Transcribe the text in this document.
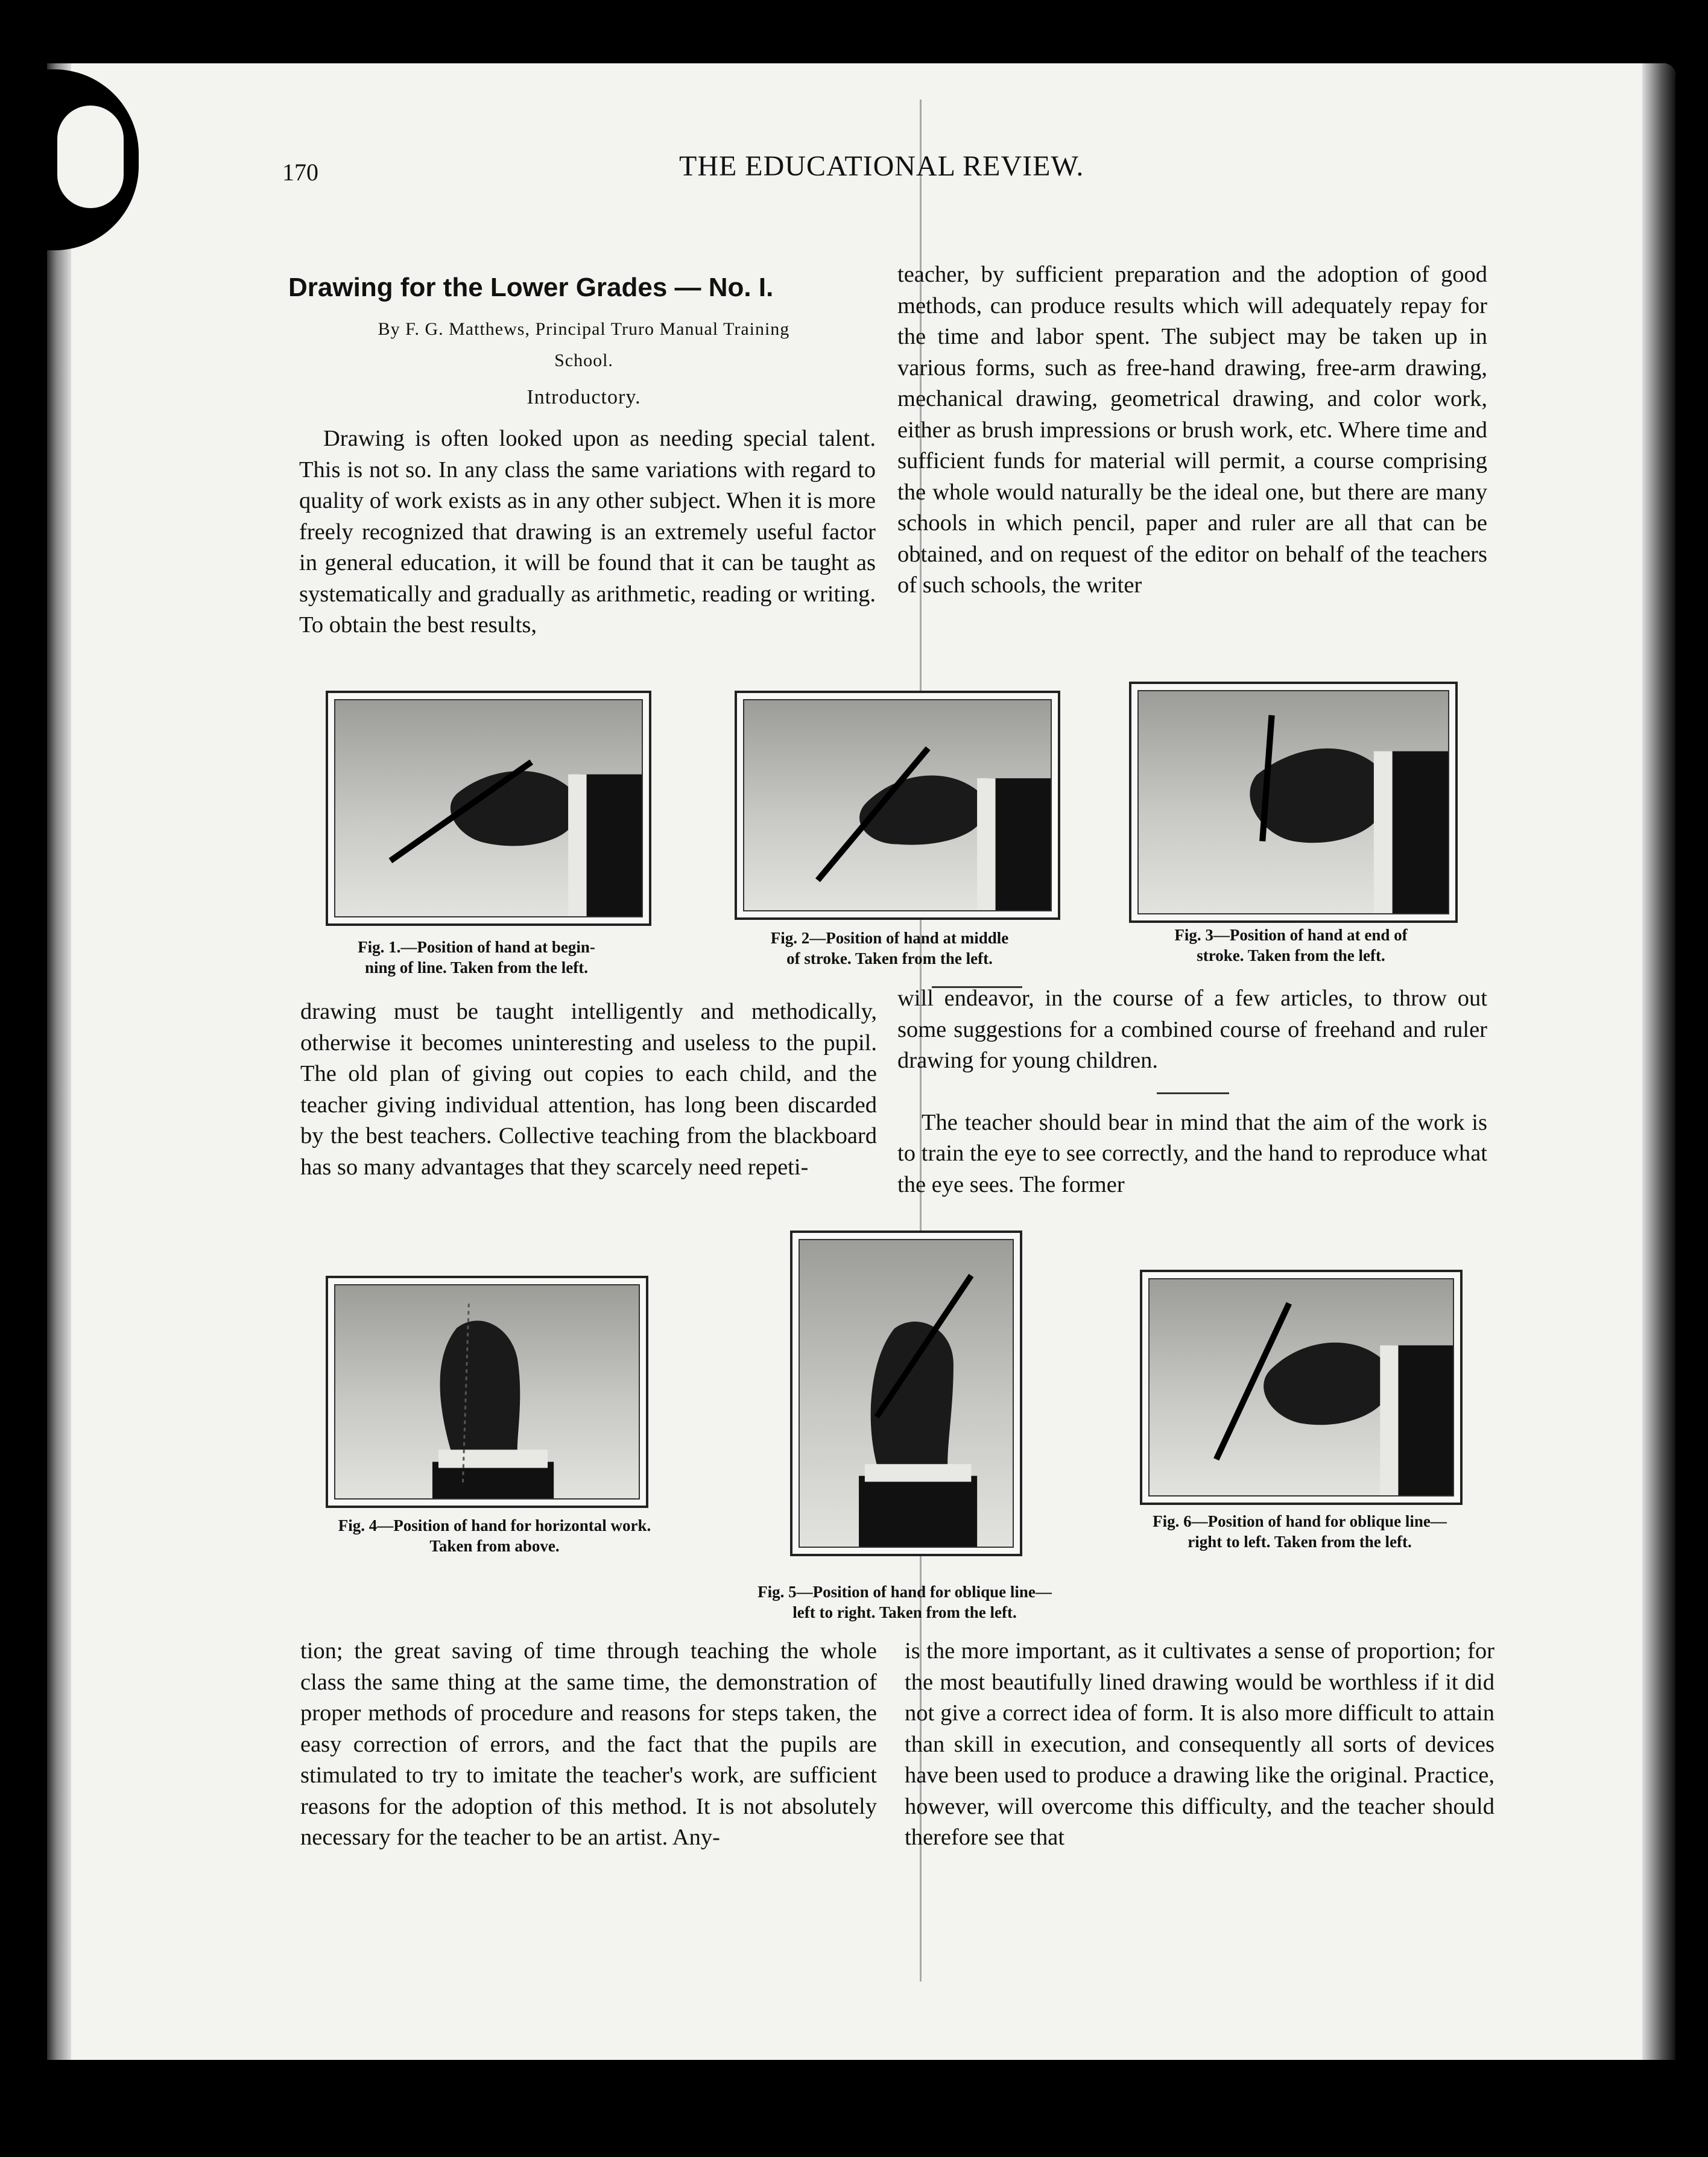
170	THE EDUCATIONAL REVIEW.
Drawing for the Lower Grades — No. I.
By F. G. Matthews, Principal Truro Manual Training
School.
Introductory.

Drawing is often looked upon as needing special talent. This is not so. In any class the same variations with regard to quality of work exists as in any other subject. When it is more freely recognized that drawing is an extremely useful factor in general education, it will be found that it can be taught as systematically and gradually as arithmetic, reading or writing. To obtain the best results,

teacher, by sufficient preparation and the adoption of good methods, can produce results which will adequately repay for the time and labor spent. The subject may be taken up in various forms, such as free-hand drawing, free-arm drawing, mechanical drawing, geometrical drawing, and color work, either as brush impressions or brush work, etc. Where time and sufficient funds for material will permit, a course comprising the whole would naturally be the ideal one, but there are many schools in which pencil, paper and ruler are all that can be obtained, and on request of the editor on behalf of the teachers of such schools, the writer

Fig. 1.—Position of hand at begin-
ning of line. Taken from the left.
Fig. 2—Position of hand at middle
of stroke. Taken from the left.
Fig. 3—Position of hand at end of
stroke. Taken from the left.

drawing must be taught intelligently and methodically, otherwise it becomes uninteresting and useless to the pupil. The old plan of giving out copies to each child, and the teacher giving individual attention, has long been discarded by the best teachers. Collective teaching from the blackboard has so many advantages that they scarcely need repeti-

will endeavor, in the course of a few articles, to throw out some suggestions for a combined course of freehand and ruler drawing for young children.

The teacher should bear in mind that the aim of the work is to train the eye to see correctly, and the hand to reproduce what the eye sees. The former

Fig. 4—Position of hand for horizontal work.
Taken from above.
Fig. 5—Position of hand for oblique line—
left to right. Taken from the left.
Fig. 6—Position of hand for oblique line—
right to left. Taken from the left.

tion; the great saving of time through teaching the whole class the same thing at the same time, the demonstration of proper methods of procedure and reasons for steps taken, the easy correction of errors, and the fact that the pupils are stimulated to try to imitate the teacher's work, are sufficient reasons for the adoption of this method. It is not absolutely necessary for the teacher to be an artist. Any-

is the more important, as it cultivates a sense of proportion; for the most beautifully lined drawing would be worthless if it did not give a correct idea of form. It is also more difficult to attain than skill in execution, and consequently all sorts of devices have been used to produce a drawing like the original. Practice, however, will overcome this difficulty, and the teacher should therefore see that
